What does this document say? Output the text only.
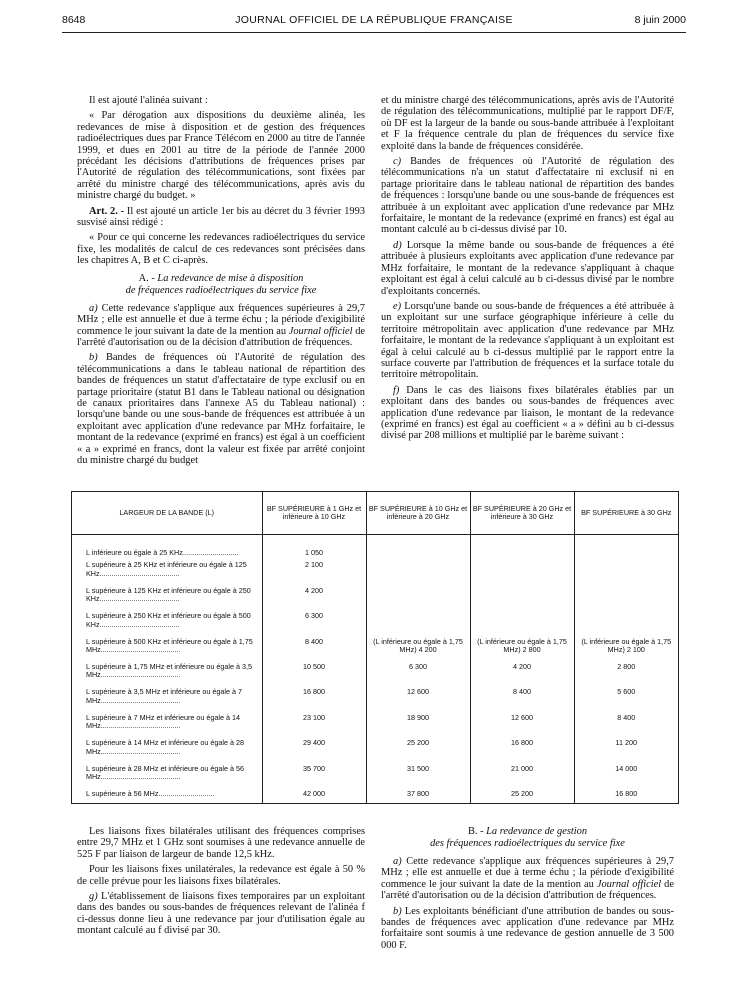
8648	JOURNAL OFFICIEL DE LA RÉPUBLIQUE FRANÇAISE	8 juin 2000

Il est ajouté l'alinéa suivant :

« Par dérogation aux dispositions du deuxième alinéa, les redevances de mise à disposition et de gestion des fréquences radioélectriques dues par France Télécom en 2000 au titre de l'année 1999, et dues en 2001 au titre de la période de l'année 2000 précédant les décisions d'attributions de fréquences prises par l'Autorité de régulation des télécommunications, sont fixées par arrêté du ministre chargé des télécommunications, après avis du ministre chargé du budget. »

Art. 2. - Il est ajouté un article 1er bis au décret du 3 février 1993 susvisé ainsi rédigé :

« Pour ce qui concerne les redevances radioélectriques du service fixe, les modalités de calcul de ces redevances sont précisées dans les chapitres A, B et C ci-après.

A. - La redevance de mise à disposition
de fréquences radioélectriques du service fixe

a) Cette redevance s'applique aux fréquences supérieures à 29,7 MHz ; elle est annuelle et due à terme échu ; la période d'exigibilité commence le jour suivant la date de la mention au Journal officiel de l'arrêté d'autorisation ou de la décision d'attribution de fréquences.

b) Bandes de fréquences où l'Autorité de régulation des télécommunications a dans le tableau national de répartition des bandes de fréquences un statut d'affectataire de type exclusif ou en partage prioritaire (statut B1 dans le Tableau national ou désignation de canaux prioritaires dans l'annexe A5 du Tableau national) : lorsqu'une bande ou une sous-bande de fréquences est attribuée à un exploitant avec application d'une redevance par MHz forfaitaire, le montant de la redevance (exprimé en francs) est égal à un coefficient « a » exprimé en francs, dont la valeur est fixée par arrêté conjoint du ministre chargé du budget

et du ministre chargé des télécommunications, après avis de l'Autorité de régulation des télécommunications, multiplié par le rapport DF/F, où DF est la largeur de la bande ou sous-bande attribuée à l'exploitant et F la fréquence centrale du plan de fréquences du service fixe exploité dans la bande de fréquences considérée.

c) Bandes de fréquences où l'Autorité de régulation des télécommunications n'a un statut d'affectataire ni exclusif ni en partage prioritaire dans le tableau national de répartition des bandes de fréquences : lorsqu'une bande ou une sous-bande de fréquences est attribuée à un exploitant avec application d'une redevance par MHz forfaitaire, le montant de la redevance (exprimé en francs) est égal au montant calculé au b ci-dessus divisé par 10.

d) Lorsque la même bande ou sous-bande de fréquences a été attribuée à plusieurs exploitants avec application d'une redevance par MHz forfaitaire, le montant de la redevance s'appliquant à chaque exploitant est égal à celui calculé au b ci-dessus divisé par le nombre d'exploitants concernés.

e) Lorsqu'une bande ou sous-bande de fréquences a été attribuée à un exploitant sur une surface géographique inférieure à celle du territoire métropolitain avec application d'une redevance par MHz forfaitaire, le montant de la redevance s'appliquant à un exploitant est égal à celui calculé au b ci-dessus multiplié par le rapport entre la surface couverte par l'attribution de fréquences et la surface totale du territoire métropolitain.

f) Dans le cas des liaisons fixes bilatérales établies par un exploitant dans des bandes ou sous-bandes de fréquences avec application d'une redevance par liaison, le montant de la redevance (exprimé en francs) est égal au coefficient « a » défini au b ci-dessus divisé par 208 millions et multiplié par le barème suivant :

LARGEUR DE LA BANDE (L)	BF SUPÉRIEURE à 1 GHz et inférieure à 10 GHz	BF SUPÉRIEURE à 10 GHz et inférieure à 20 GHz	BF SUPÉRIEURE à 20 GHz et inférieure à 30 GHz	BF SUPÉRIEURE à 30 GHz

L inférieure ou égale à 25 KHz............................	1 050			
L supérieure à 25 KHz et inférieure ou égale à 125 KHz........................................	2 100			
L supérieure à 125 KHz et inférieure ou égale à 250 KHz........................................	4 200			
L supérieure à 250 KHz et inférieure ou égale à 500 KHz........................................	6 300			
L supérieure à 500 KHz et inférieure ou égale à 1,75 MHz........................................	8 400	(L inférieure ou égale à 1,75 MHz) 4 200	(L inférieure ou égale à 1,75 MHz) 2 800	(L inférieure ou égale à 1,75 MHz) 2 100
L supérieure à 1,75 MHz et inférieure ou égale à 3,5 MHz........................................	10 500	6 300	4 200	2 800
L supérieure à 3,5 MHz et inférieure ou égale à 7 MHz........................................	16 800	12 600	8 400	5 600
L supérieure à 7 MHz et inférieure ou égale à 14 MHz........................................	23 100	18 900	12 600	8 400
L supérieure à 14 MHz et inférieure ou égale à 28 MHz........................................	29 400	25 200	16 800	11 200
L supérieure à 28 MHz et inférieure ou égale à 56 MHz........................................	35 700	31 500	21 000	14 000
L supérieure à 56 MHz............................	42 000	37 800	25 200	16 800

Les liaisons fixes bilatérales utilisant des fréquences comprises entre 29,7 MHz et 1 GHz sont soumises à une redevance annuelle de 525 F par liaison de largeur de bande 12,5 kHz.

Pour les liaisons fixes unilatérales, la redevance est égale à 50 % de celle prévue pour les liaisons fixes bilatérales.

g) L'établissement de liaisons fixes temporaires par un exploitant dans des bandes ou sous-bandes de fréquences relevant de l'alinéa f ci-dessus donne lieu à une redevance par jour d'utilisation égale au montant calculé au f divisé par 30.

B. - La redevance de gestion
des fréquences radioélectriques du service fixe

a) Cette redevance s'applique aux fréquences supérieures à 29,7 MHz ; elle est annuelle et due à terme échu ; la période d'exigibilité commence le jour suivant la date de la mention au Journal officiel de l'arrêté d'autorisation ou de la décision d'attribution de fréquences.

b) Les exploitants bénéficiant d'une attribution de bandes ou sous-bandes de fréquences avec application d'une redevance par MHz forfaitaire sont soumis à une redevance de gestion annuelle de 3 500 000 F.
